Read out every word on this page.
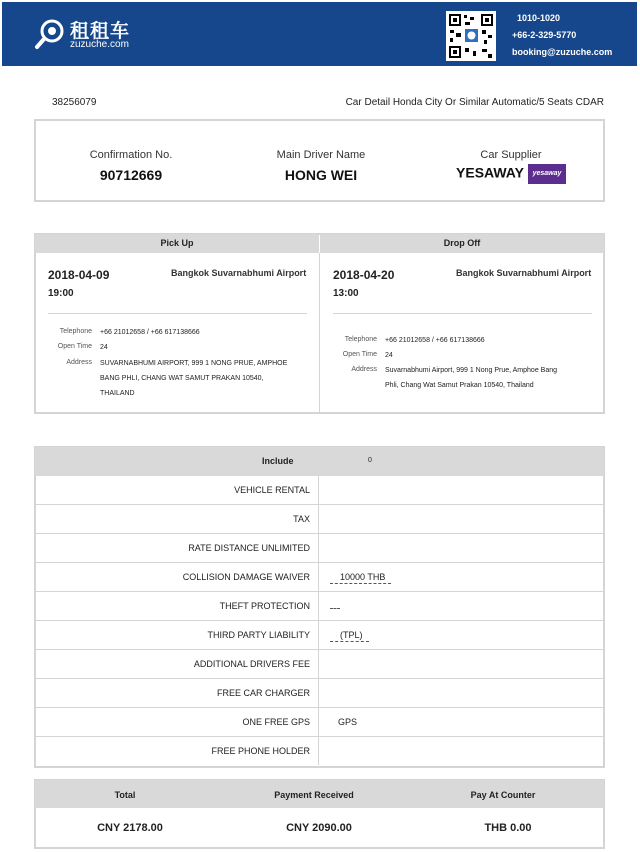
租租车
zuzuche.com
1010-1020
+66-2-329-5770
booking@zuzuche.com
38256079	Car Detail Honda City Or Similar Automatic/5 Seats CDAR
Confirmation No.
90712669
Main Driver Name
HONG WEI
Car Supplier
YESAWAY yesaway
Pick Up	Drop Off
2018-04-09
19:00
Bangkok Suvarnabhumi Airport
Telephone +66 21012658 / +66 617138666
Open Time 24
Address SUVARNABHUMI AIRPORT, 999 1 NONG PRUE, AMPHOE
BANG PHLI, CHANG WAT SAMUT PRAKAN 10540,
THAILAND
2018-04-20
13:00
Bangkok Suvarnabhumi Airport
Telephone +66 21012658 / +66 617138666
Open Time 24
Address Suvarnabhumi Airport, 999 1 Nong Prue, Amphoe Bang
Phli, Chang Wat Samut Prakan 10540, Thailand
Include	0
VEHICLE RENTAL
TAX
RATE DISTANCE UNLIMITED
COLLISION DAMAGE WAIVER	10000 THB
THEFT PROTECTION
THIRD PARTY LIABILITY	(TPL)
ADDITIONAL DRIVERS FEE
FREE CAR CHARGER
ONE FREE GPS	GPS
FREE PHONE HOLDER
Total	Payment Received	Pay At Counter
CNY 2178.00	CNY 2090.00	THB 0.00
